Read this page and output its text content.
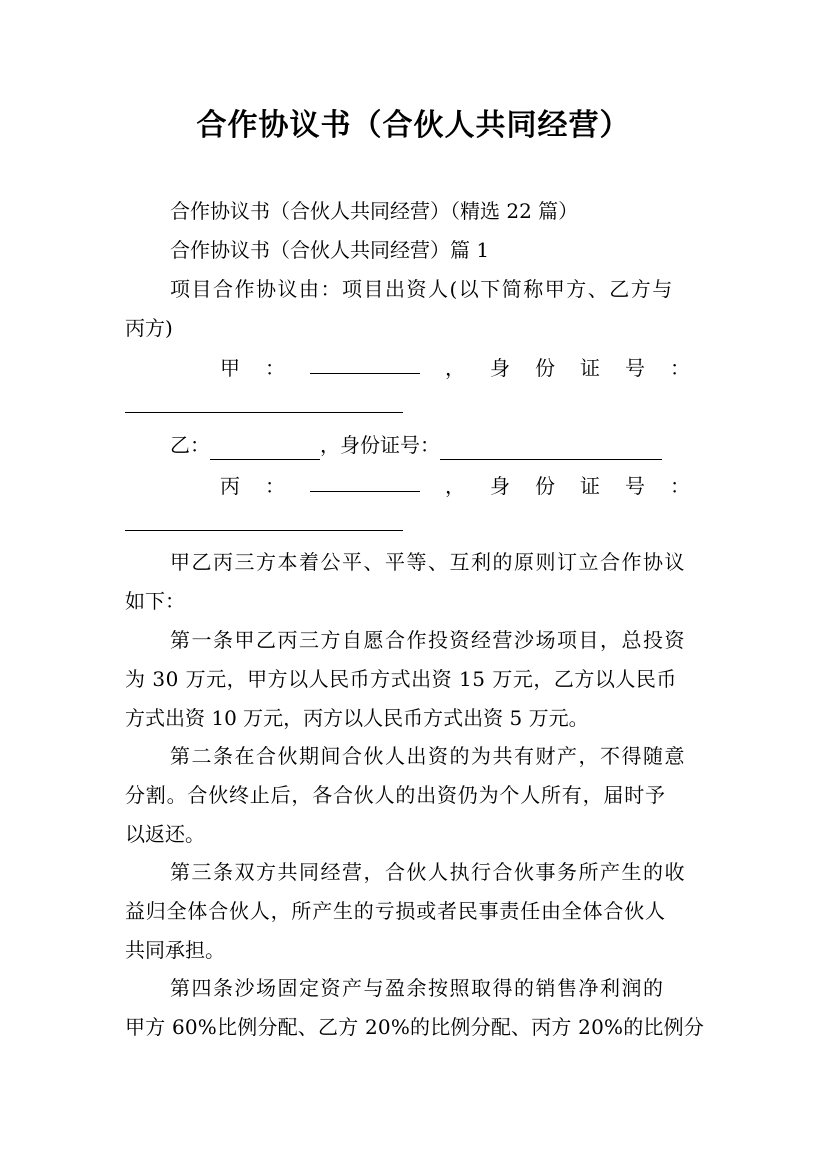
合作协议书（合伙人共同经营）
合作协议书（合伙人共同经营）（精选 22 篇）
合作协议书（合伙人共同经营）篇 1
项目合作协议由：项目出资人(以下简称甲方、乙方与
丙方)
甲 ：	， 身 份 证 号 ：
乙：	，身份证号：
丙 ：	， 身 份 证 号 ：
甲乙丙三方本着公平、平等、互利的原则订立合作协议
如下：
第一条甲乙丙三方自愿合作投资经营沙场项目，总投资
为 30 万元，甲方以人民币方式出资 15 万元，乙方以人民币
方式出资 10 万元，丙方以人民币方式出资 5 万元。
第二条在合伙期间合伙人出资的为共有财产，不得随意
分割。合伙终止后，各合伙人的出资仍为个人所有，届时予
以返还。
第三条双方共同经营，合伙人执行合伙事务所产生的收
益归全体合伙人，所产生的亏损或者民事责任由全体合伙人
共同承担。
第四条沙场固定资产与盈余按照取得的销售净利润的
甲方 60%比例分配、乙方 20%的比例分配、丙方 20%的比例分
